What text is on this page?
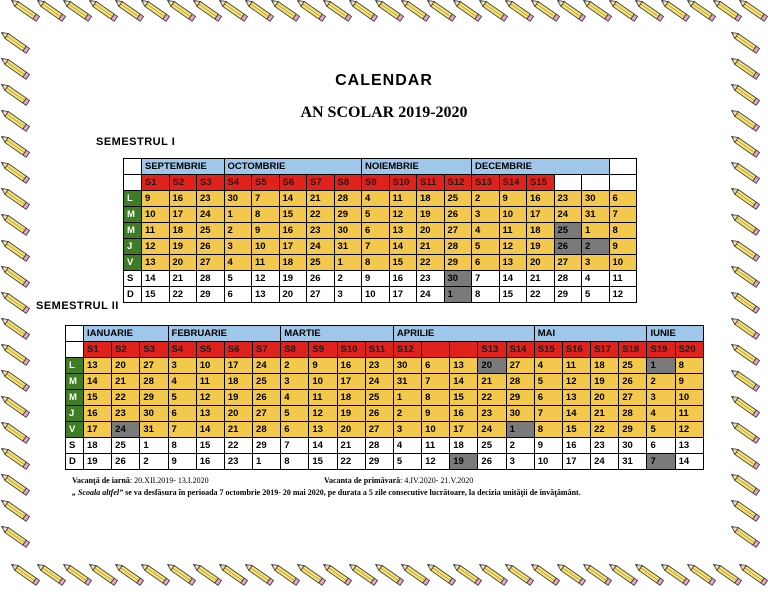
CALENDAR
AN SCOLAR 2019-2020
SEMESTRUL I
	SEPTEMBRIE			OCTOMBRIE					NOIEMBRIE				DECEMBRIE					
	S1	S2	S3	S4	S5	S6	S7	S8	S9	S10	S11	S12	S13	S14	S15			
L	9	16	23	30	7	14	21	28	4	11	18	25	2	9	16	23	30	6
M	10	17	24	1	8	15	22	29	5	12	19	26	3	10	17	24	31	7
M	11	18	25	2	9	16	23	30	6	13	20	27	4	11	18	25	1	8
J	12	19	26	3	10	17	24	31	7	14	21	28	5	12	19	26	2	9
V	13	20	27	4	11	18	25	1	8	15	22	29	6	13	20	27	3	10
S	14	21	28	5	12	19	26	2	9	16	23	30	7	14	21	28	4	11
D	15	22	29	6	13	20	27	3	10	17	24	1	8	15	22	29	5	12
SEMESTRUL II
	IANUARIE			FEBRUARIE				MARTIE				APRILIE					MAI				IUNIE	
	S1	S2	S3	S4	S5	S6	S7	S8	S9	S10	S11	S12			S13	S14	S15	S16	S17	S18	S19	S20
L	13	20	27	3	10	17	24	2	9	16	23	30	6	13	20	27	4	11	18	25	1	8
M	14	21	28	4	11	18	25	3	10	17	24	31	7	14	21	28	5	12	19	26	2	9
M	15	22	29	5	12	19	26	4	11	18	25	1	8	15	22	29	6	13	20	27	3	10
J	16	23	30	6	13	20	27	5	12	19	26	2	9	16	23	30	7	14	21	28	4	11
V	17	24	31	7	14	21	28	6	13	20	27	3	10	17	24	1	8	15	22	29	5	12
S	18	25	1	8	15	22	29	7	14	21	28	4	11	18	25	2	9	16	23	30	6	13
D	19	26	2	9	16	23	1	8	15	22	29	5	12	19	26	3	10	17	24	31	7	14
Vacanţă de iarnă: 20.XII.2019- 13.I.2020	Vacanta de primăvară: 4.IV.2020- 21.V.2020
„ Scoala altfel” se va desfăsura în perioada 7 octombrie 2019- 20 mai 2020, pe durata a 5 zile consecutive lucrătoare, la decizia unităţii de învăţământ.
